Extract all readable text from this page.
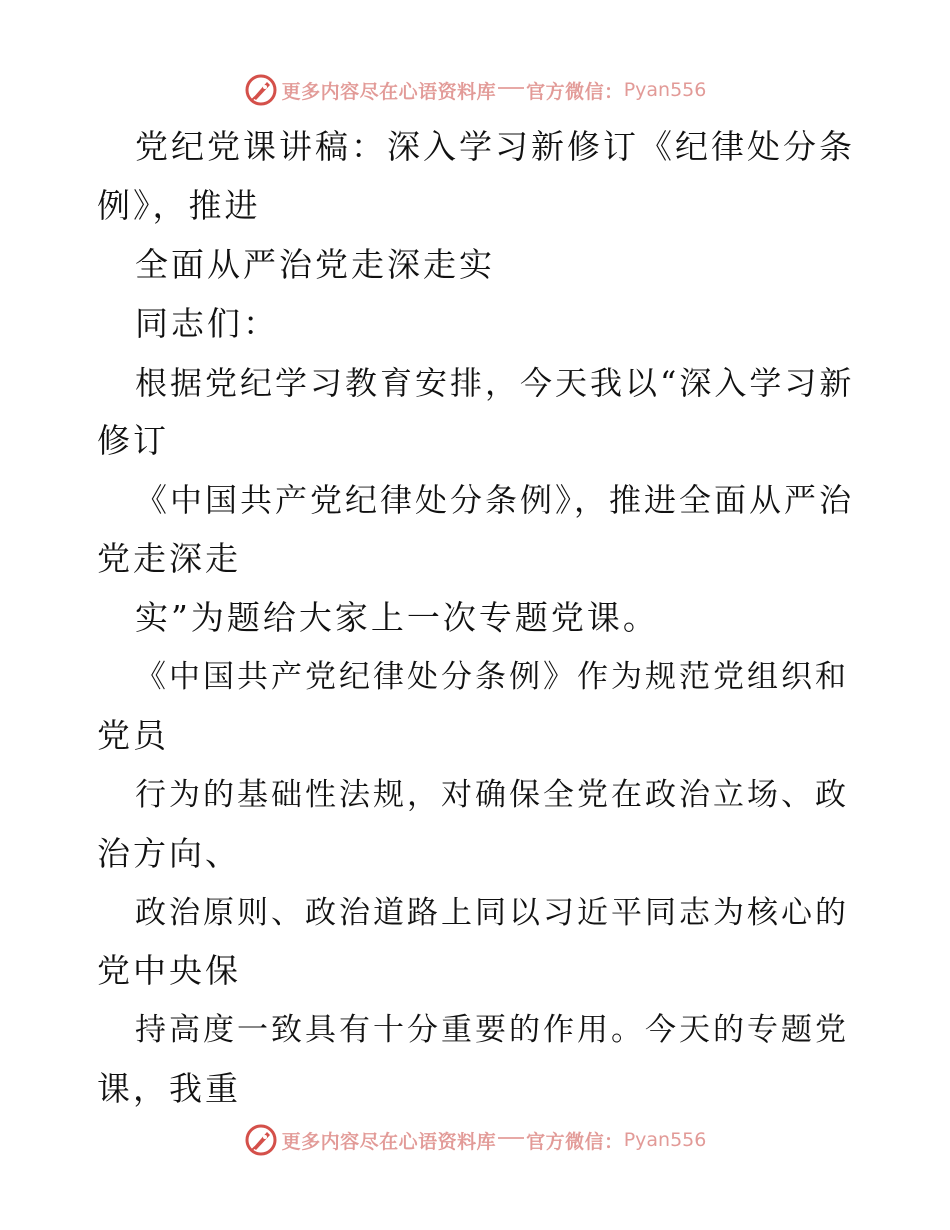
更多内容尽在心语资料库 官方微信： Pyan556
党纪党课讲稿：深入学习新修订《纪律处分条
例》，推进
全面从严治党走深走实
同志们：
根据党纪学习教育安排，今天我以“深入学习新
修订
《中国共产党纪律处分条例》，推进全面从严治
党走深走
实”为题给大家上一次专题党课。
《中国共产党纪律处分条例》作为规范党组织和
党员
行为的基础性法规，对确保全党在政治立场、政
治方向、
政治原则、政治道路上同以习近平同志为核心的
党中央保
持高度一致具有十分重要的作用。今天的专题党
课，我重
更多内容尽在心语资料库 官方微信： Pyan556
